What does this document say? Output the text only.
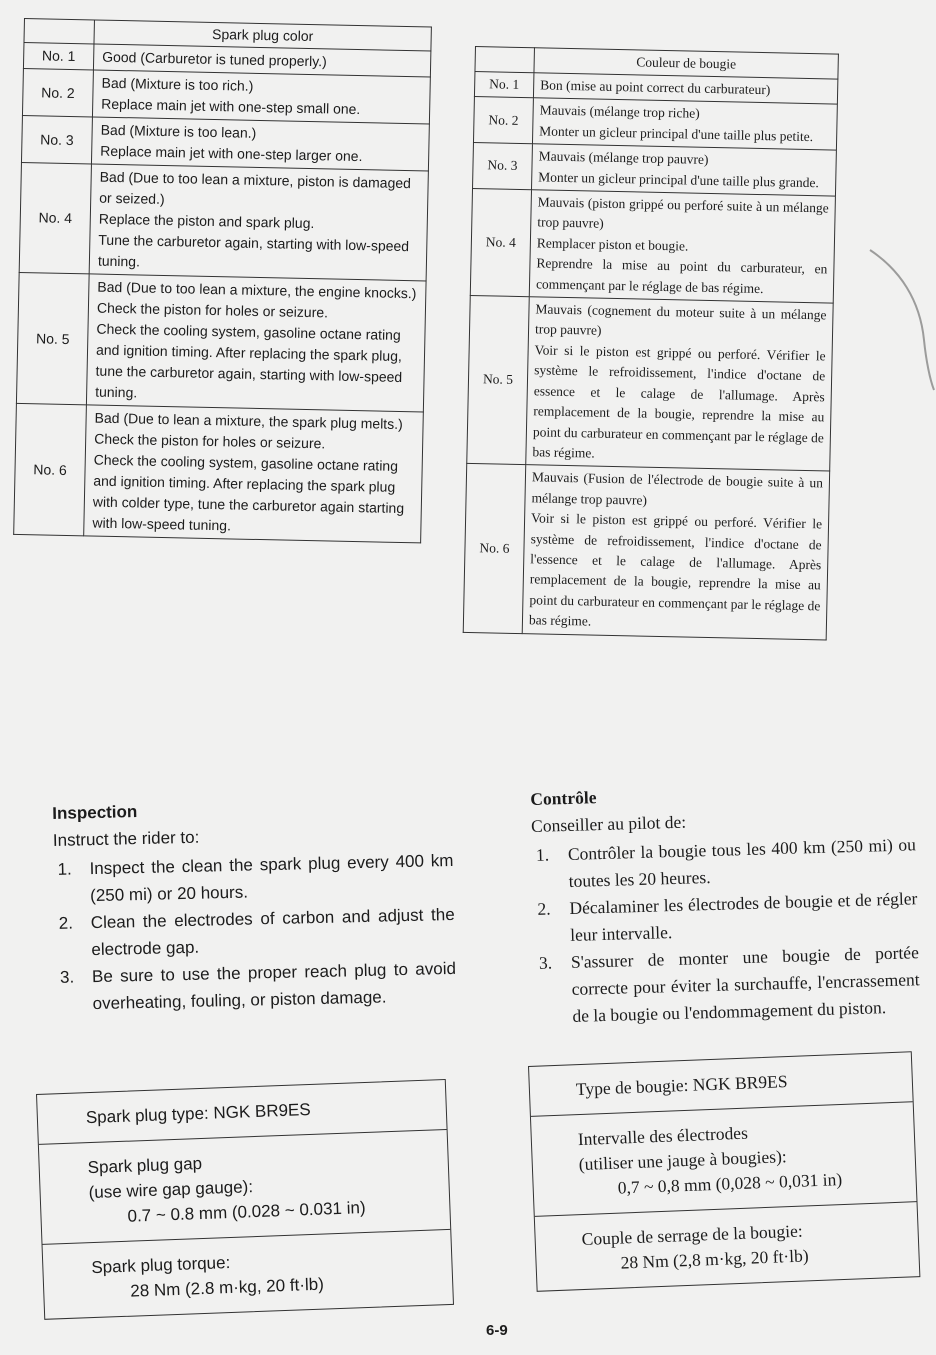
	Spark plug color
No. 1	Good (Carburetor is tuned properly.)

No. 2	Bad (Mixture is too rich.)

Replace main jet with one-step small one.

No. 3	Bad (Mixture is too lean.)

Replace main jet with one-step larger one.

No. 4	Bad (Due to too lean a mixture, piston is damaged or seized.)

Replace the piston and spark plug.

Tune the carburetor again, starting with low-speed tuning.

No. 5	Bad (Due to too lean a mixture, the engine knocks.)

Check the piston for holes or seizure.

Check the cooling system, gasoline octane rating and ignition timing. After replacing the spark plug, tune the carburetor again, starting with low-speed tuning.

No. 6	Bad (Due to lean a mixture, the spark plug melts.)

Check the piston for holes or seizure.

Check the cooling system, gasoline octane rating and ignition timing. After replacing the spark plug with colder type, tune the carburetor again starting with low-speed tuning.

	Couleur de bougie
No. 1	Bon (mise au point correct du carburateur)

No. 2	Mauvais (mélange trop riche)

Monter un gicleur principal d'une taille plus petite.

No. 3	Mauvais (mélange trop pauvre)

Monter un gicleur principal d'une taille plus grande.

No. 4	Mauvais (piston grippé ou perforé suite à un mélange trop pauvre)

Remplacer piston et bougie.

Reprendre la mise au point du carburateur, en commençant par le réglage de bas régime.

No. 5	Mauvais (cognement du moteur suite à un mélange trop pauvre)

Voir si le piston est grippé ou perforé. Vérifier le système le refroidissement, l'indice d'octane de essence et le calage de l'allumage. Après remplacement de la bougie, reprendre la mise au point du carburateur en commençant par le réglage de bas régime.

No. 6	Mauvais (Fusion de l'électrode de bougie suite à un mélange trop pauvre)

Voir si le piston est grippé ou perforé. Vérifier le système de refroidissement, l'indice d'octane de l'essence et le calage de l'allumage. Après remplacement de la bougie, reprendre la mise au point du carburateur en commençant par le réglage de bas régime.

Inspection
Instruct the rider to:
1.	Inspect the clean the spark plug every 400 km (250 mi) or 20 hours.
2.	Clean the electrodes of carbon and adjust the electrode gap.
3.	Be sure to use the proper reach plug to avoid overheating, fouling, or piston damage.
Contrôle
Conseiller au pilot de:
1.	Contrôler la bougie tous les 400 km (250 mi) ou toutes les 20 heures.
2.	Décalaminer les électrodes de bougie et de régler leur intervalle.
3.	S'assurer de monter une bougie de portée correcte pour éviter la surchauffe, l'encrassement de la bougie ou l'endommagement du piston.
Spark plug type: NGK BR9ES
Spark plug gap
(use wire gap gauge):
0.7 ~ 0.8 mm (0.028 ~ 0.031 in)
Spark plug torque:
28 Nm (2.8 m·kg, 20 ft·lb)
Type de bougie: NGK BR9ES
Intervalle des électrodes
(utiliser une jauge à bougies):
0,7 ~ 0,8 mm (0,028 ~ 0,031 in)
Couple de serrage de la bougie:
28 Nm (2,8 m·kg, 20 ft·lb)
6-9
